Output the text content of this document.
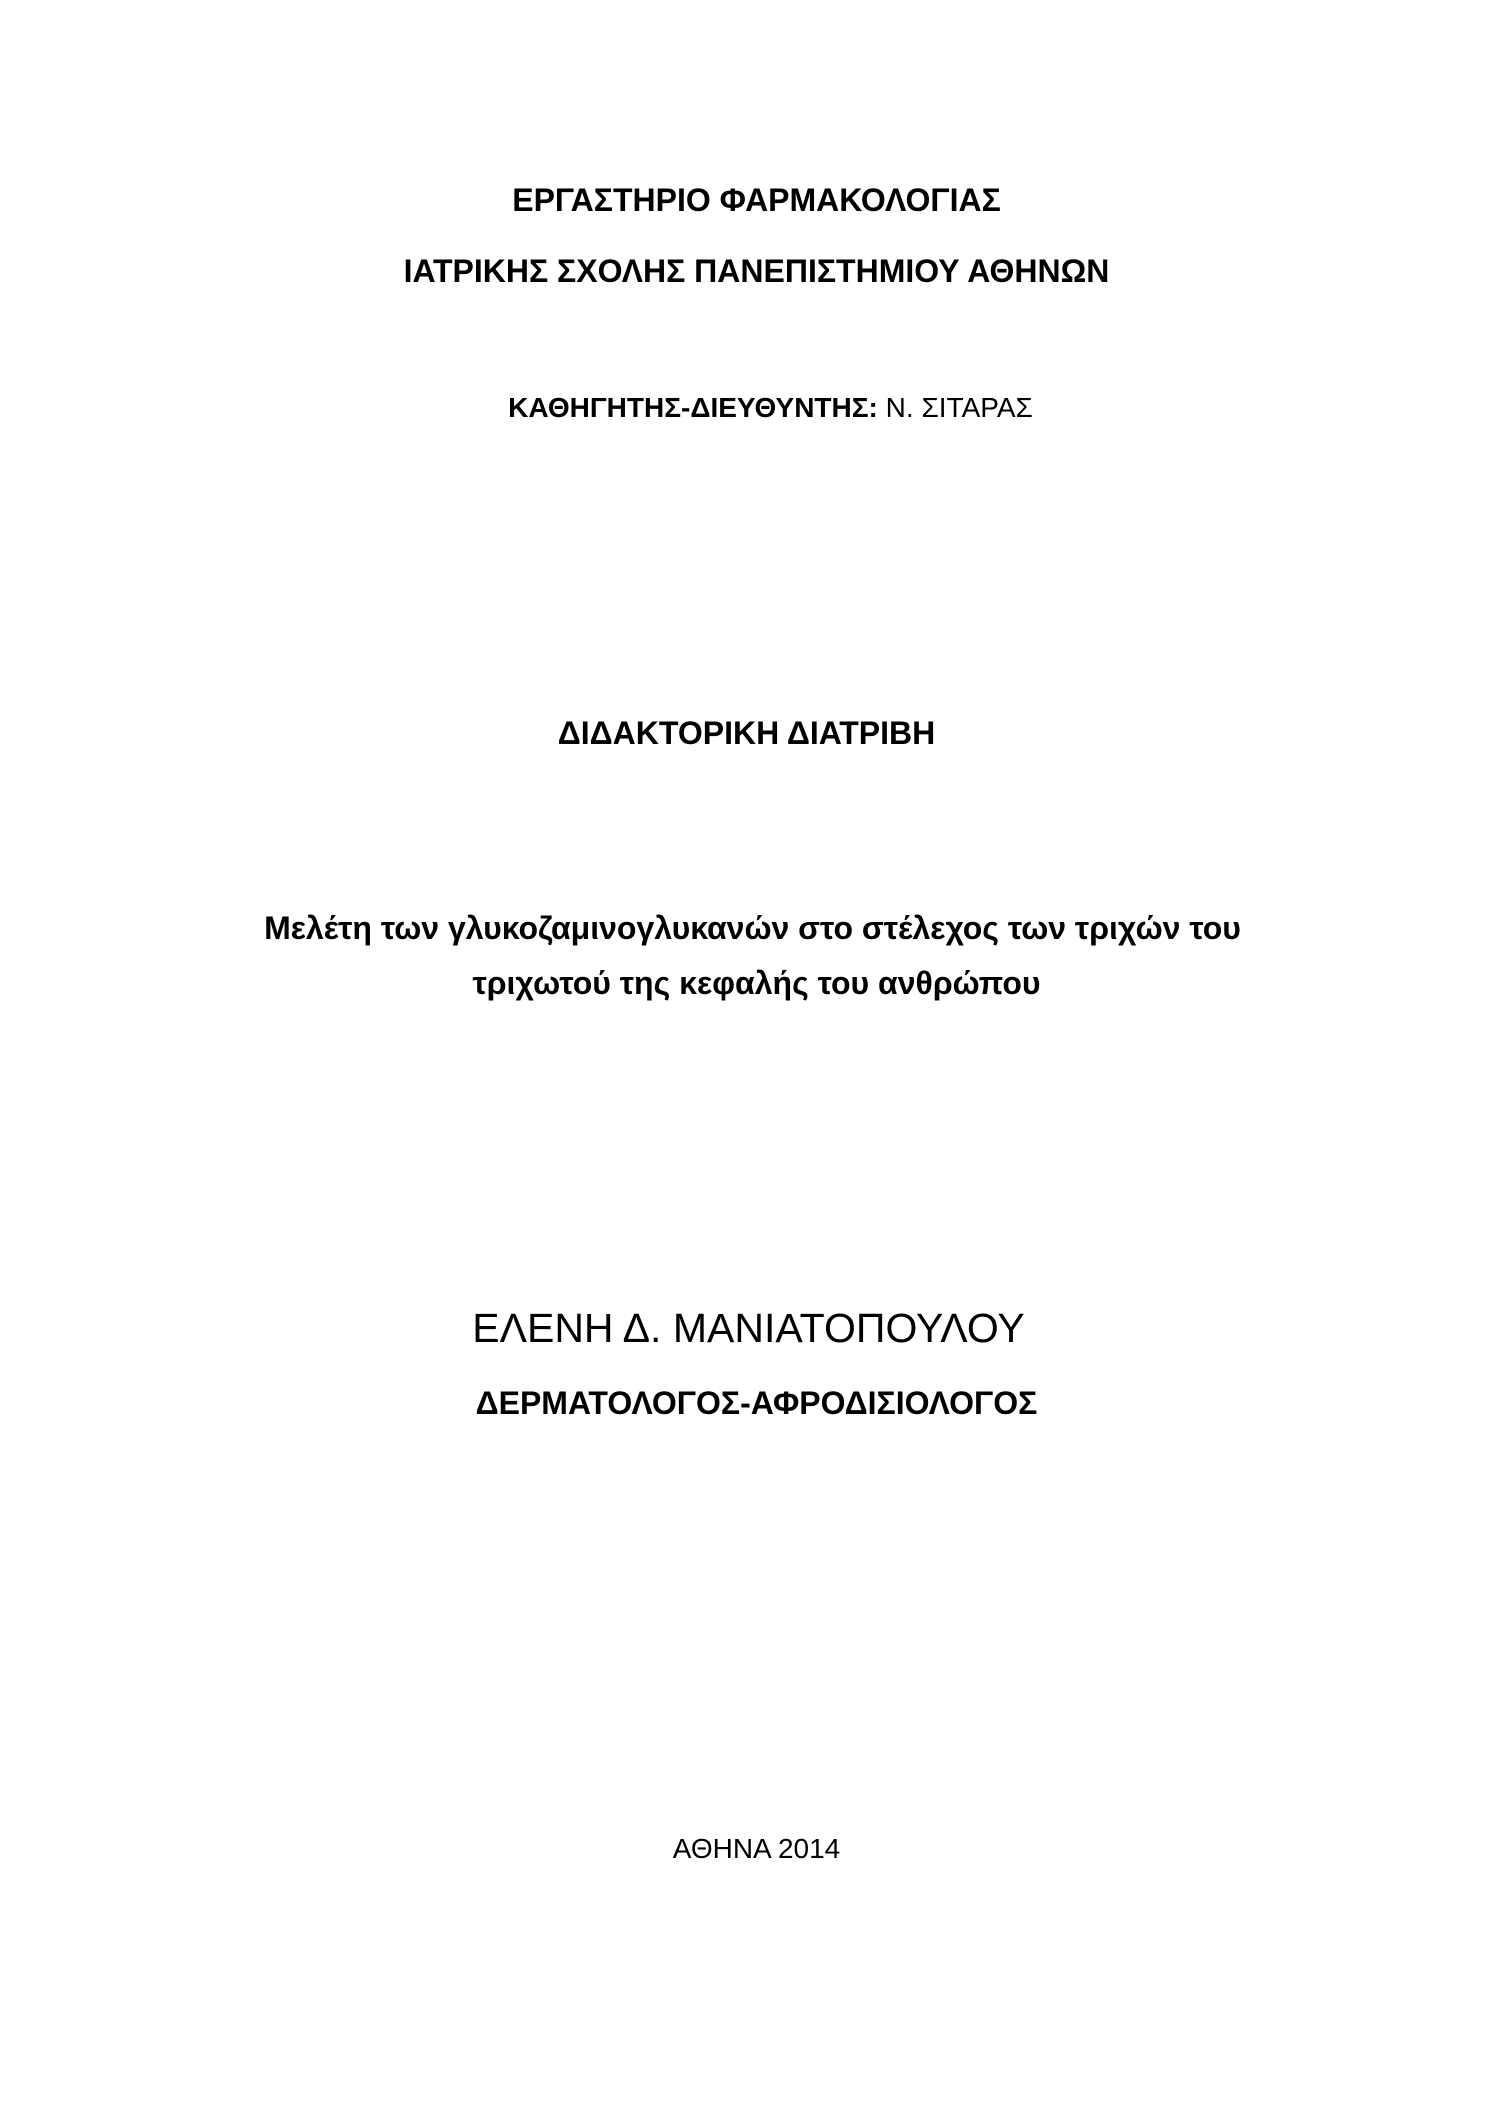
ΕΡΓΑΣΤΗΡΙΟ ΦΑΡΜΑΚΟΛΟΓΙΑΣ
ΙΑΤΡΙΚΗΣ ΣΧΟΛΗΣ ΠΑΝΕΠΙΣΤΗΜΙΟΥ ΑΘΗΝΩΝ
ΚΑΘΗΓΗΤΗΣ-ΔΙΕΥΘΥΝΤΗΣ: Ν. ΣΙΤΑΡΑΣ
ΔΙΔΑΚΤΟΡΙΚΗ ΔΙΑΤΡΙΒΗ
Μελέτη των γλυκοζαμινογλυκανών στο στέλεχος των τριχών του
τριχωτού της κεφαλής του ανθρώπου
ΕΛΕΝΗ Δ. ΜΑΝΙΑΤΟΠΟΥΛΟΥ
ΔΕΡΜΑΤΟΛΟΓΟΣ-ΑΦΡΟΔΙΣΙΟΛΟΓΟΣ
ΑΘΗΝΑ 2014
